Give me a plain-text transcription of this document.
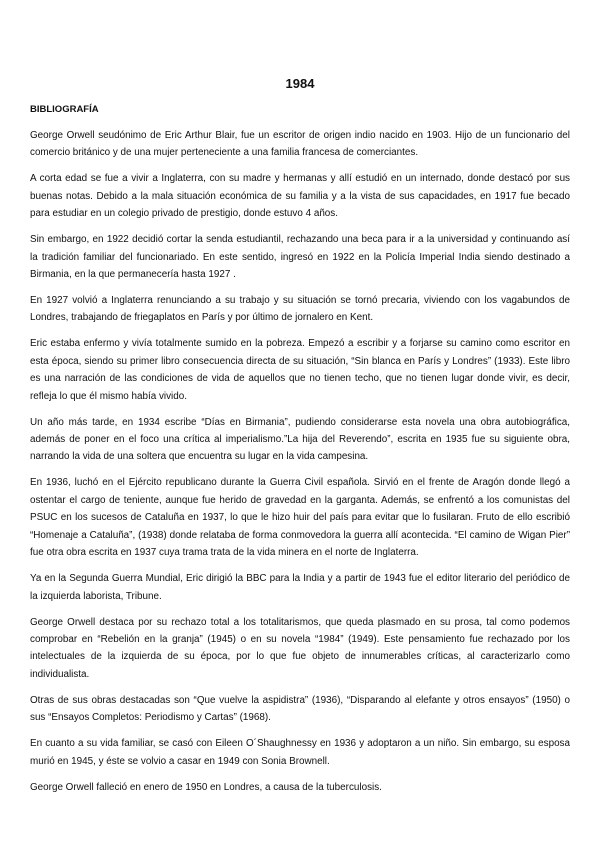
1984
BIBLIOGRAFÍA

George Orwell seudónimo de Eric Arthur Blair, fue un escritor de origen indio nacido en 1903. Hijo de un funcionario del comercio británico y de una mujer perteneciente a una familia francesa de comerciantes.

A corta edad se fue a vivir a Inglaterra, con su madre y hermanas y allí estudió en un internado, donde destacó por sus buenas notas. Debido a la mala situación económica de su familia y a la vista de sus capacidades, en 1917 fue becado para estudiar en un colegio privado de prestigio, donde estuvo 4 años.

Sin embargo, en 1922 decidió cortar la senda estudiantil, rechazando una beca para ir a la universidad y continuando así la tradición familiar del funcionariado. En este sentido, ingresó en 1922 en la Policía Imperial India siendo destinado a Birmania, en la que permanecería hasta 1927 .

En 1927 volvió a Inglaterra renunciando a su trabajo y su situación se tornó precaria, viviendo con los vagabundos de Londres, trabajando de friegaplatos en París y por último de jornalero en Kent.

Eric estaba enfermo y vivía totalmente sumido en la pobreza. Empezó a escribir y a forjarse su camino como escritor en esta época, siendo su primer libro consecuencia directa de su situación, “Sin blanca en París y Londres” (1933). Este libro es una narración de las condiciones de vida de aquellos que no tienen techo, que no tienen lugar donde vivir, es decir, refleja lo que él mismo había vivido.

Un año más tarde, en 1934 escribe “Días en Birmania”, pudiendo considerarse esta novela una obra autobiográfica, además de poner en el foco una crítica al imperialismo.”La hija del Reverendo”, escrita en 1935 fue su siguiente obra, narrando la vida de una soltera que encuentra su lugar en la vida campesina.

En 1936, luchó en el Ejército republicano durante la Guerra Civil española. Sirvió en el frente de Aragón donde llegó a ostentar el cargo de teniente, aunque fue herido de gravedad en la garganta. Además, se enfrentó a los comunistas del PSUC en los sucesos de Cataluña en 1937, lo que le hizo huir del país para evitar que lo fusilaran. Fruto de ello escribió “Homenaje a Cataluña”, (1938) donde relataba de forma conmovedora la guerra allí acontecida. “El camino de Wigan Pier” fue otra obra escrita en 1937 cuya trama trata de la vida minera en el norte de Inglaterra.

Ya en la Segunda Guerra Mundial, Eric dirigió la BBC para la India y a partir de 1943 fue el editor literario del periódico de la izquierda laborista, Tribune.

George Orwell destaca por su rechazo total a los totalitarismos, que queda plasmado en su prosa, tal como podemos comprobar en “Rebelión en la granja” (1945) o en su novela “1984” (1949). Este pensamiento fue rechazado por los intelectuales de la izquierda de su época, por lo que fue objeto de innumerables críticas, al caracterizarlo como individualista.

Otras de sus obras destacadas son “Que vuelve la aspidistra” (1936), “Disparando al elefante y otros ensayos” (1950) o sus “Ensayos Completos: Periodismo y Cartas” (1968).

En cuanto a su vida familiar, se casó con Eileen O´Shaughnessy en 1936 y adoptaron a un niño. Sin embargo, su esposa murió en 1945, y éste se volvio a casar en 1949 con Sonia Brownell.

George Orwell falleció en enero de 1950 en Londres, a causa de la tuberculosis.
